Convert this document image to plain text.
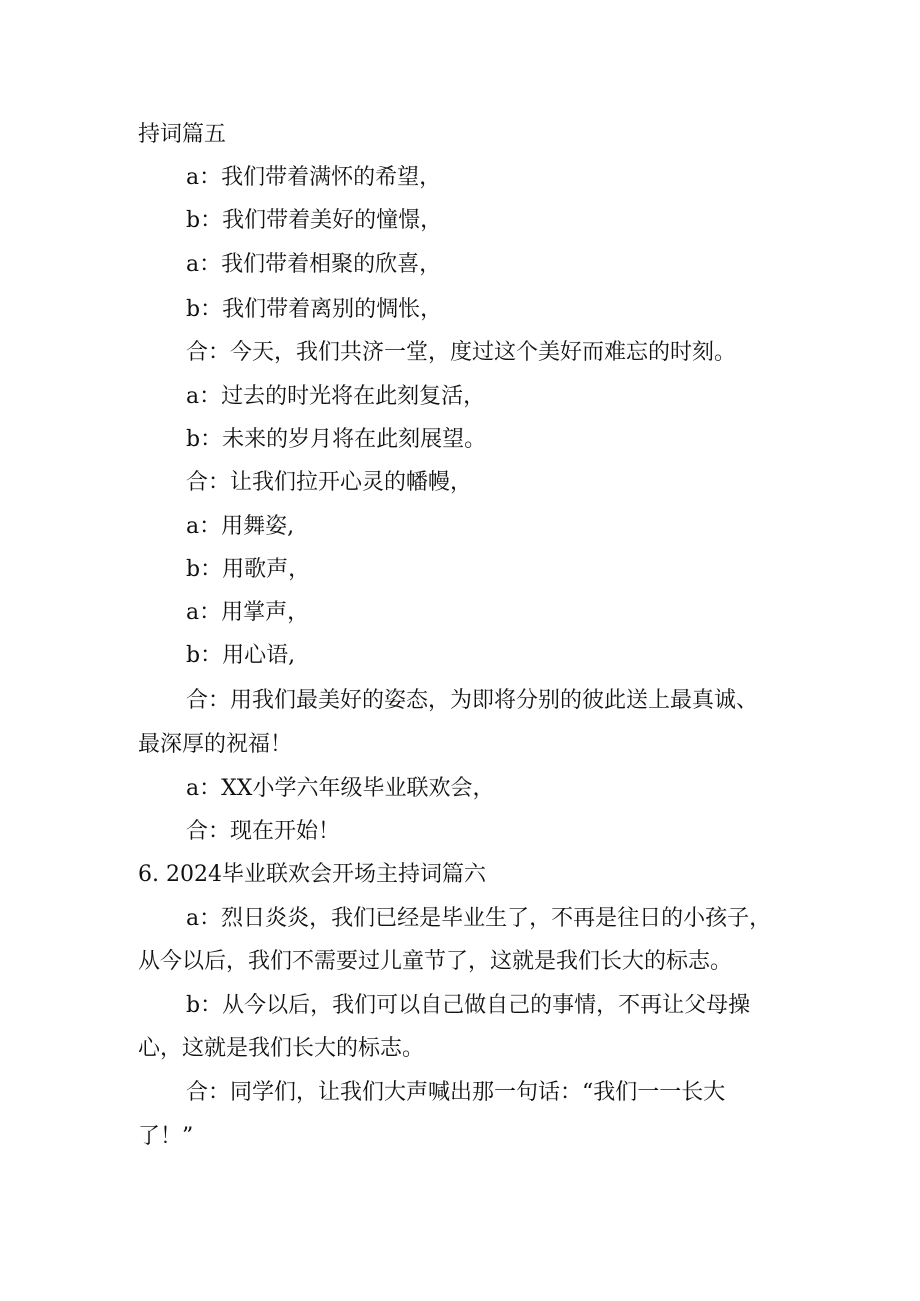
持词篇五
a：我们带着满怀的希望，
b：我们带着美好的憧憬，
a：我们带着相聚的欣喜，
b：我们带着离别的惆怅，
合：今天，我们共济一堂，度过这个美好而难忘的时刻。
a：过去的时光将在此刻复活，
b：未来的岁月将在此刻展望。
合：让我们拉开心灵的幡幔，
a：用舞姿,
b：用歌声，
a：用掌声，
b：用心语,
合：用我们最美好的姿态，为即将分别的彼此送上最真诚、
最深厚的祝福！
a：XX小学六年级毕业联欢会，
合：现在开始！
6. 2024毕业联欢会开场主持词篇六
a：烈日炎炎，我们已经是毕业生了，不再是往日的小孩子，
从今以后，我们不需要过儿童节了，这就是我们长大的标志。
b：从今以后，我们可以自己做自己的事情，不再让父母操
心，这就是我们长大的标志。
合：同学们，让我们大声喊出那一句话：“我们一一长大
了！”
